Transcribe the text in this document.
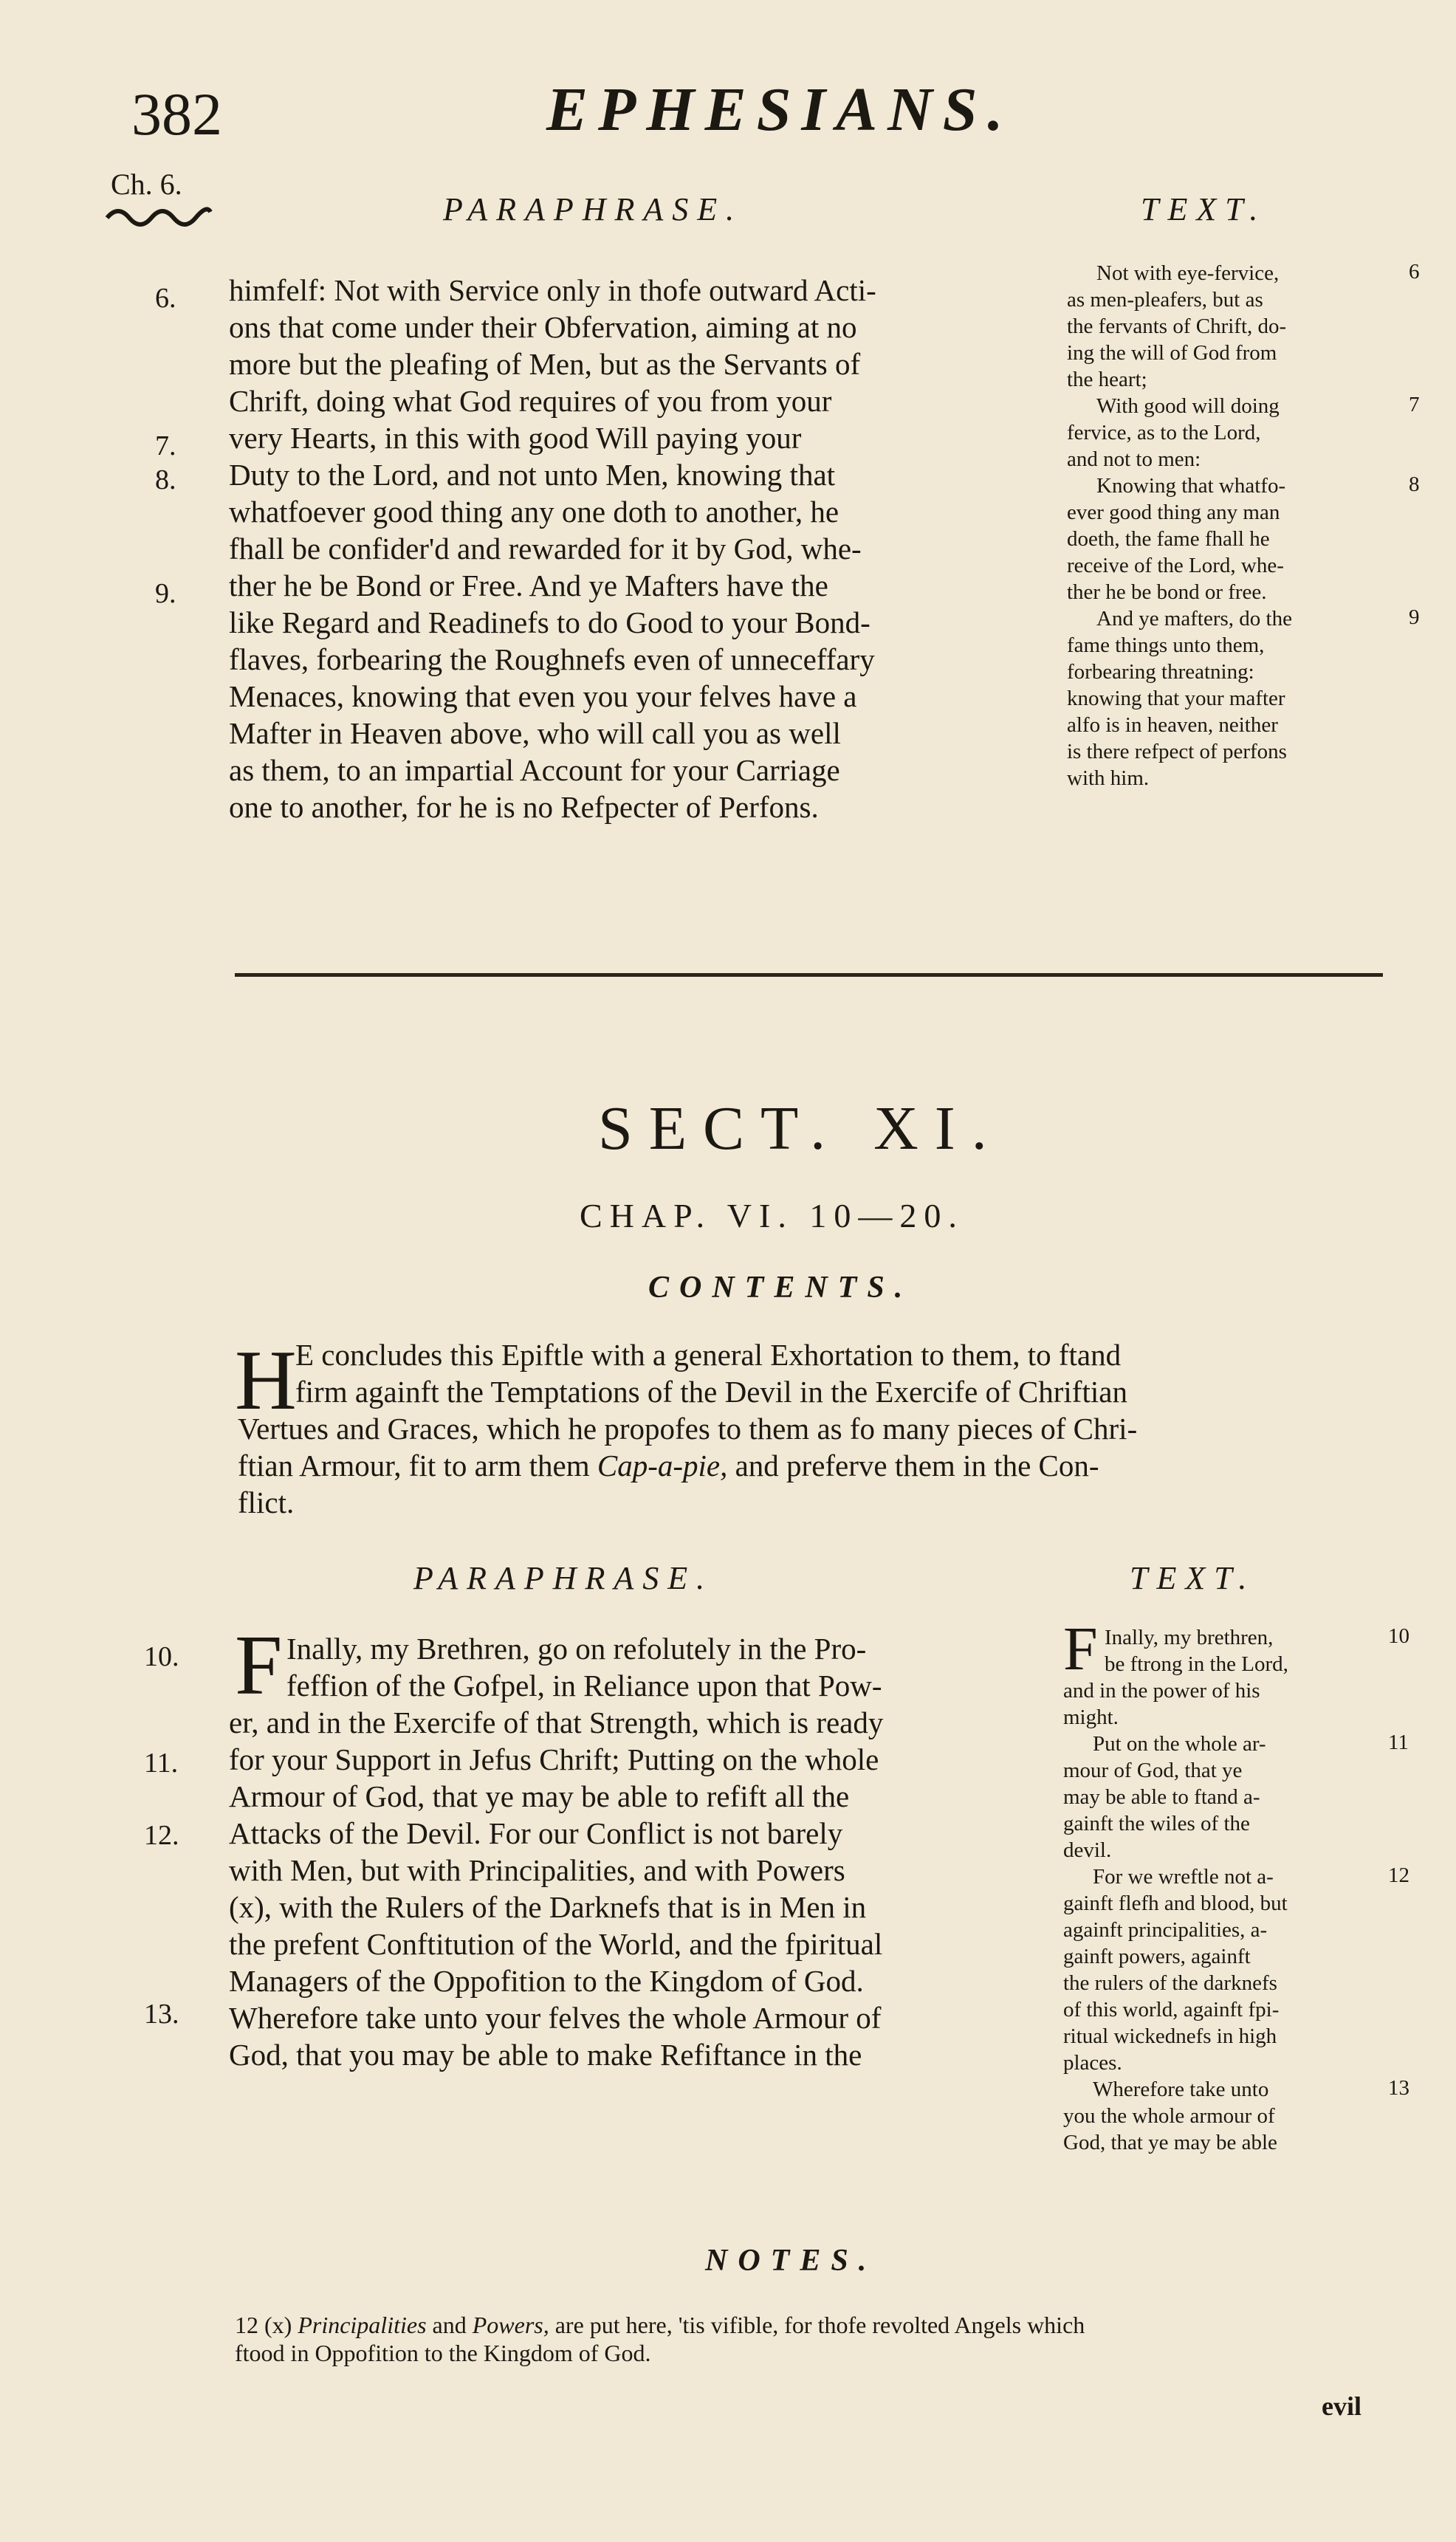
382	EPHESIANS.
Ch. 6.
PARAPHRASE.	TEXT.
6.
7.
8.
9.
himfelf: Not with Service only in thofe outward Acti-
ons that come under their Obfervation, aiming at no
more but the pleafing of Men, but as the Servants of
Chrift, doing what God requires of you from your
very Hearts, in this with good Will paying your
Duty to the Lord, and not unto Men, knowing that
whatfoever good thing any one doth to another, he
fhall be confider'd and rewarded for it by God, whe-
ther he be Bond or Free. And ye Mafters have the
like Regard and Readinefs to do Good to your Bond-
flaves, forbearing the Roughnefs even of unneceffary
Menaces, knowing that even you your felves have a
Mafter in Heaven above, who will call you as well
as them, to an impartial Account for your Carriage
one to another, for he is no Refpecter of Perfons.
Not with eye-fervice,
as men-pleafers, but as
the fervants of Chrift, do-
ing the will of God from
the heart;
With good will doing
fervice, as to the Lord,
and not to men:
Knowing that whatfo-
ever good thing any man
doeth, the fame fhall he
receive of the Lord, whe-
ther he be bond or free.
And ye mafters, do the
fame things unto them,
forbearing threatning:
knowing that your mafter
alfo is in heaven, neither
is there refpect of perfons
with him.
6
7
8
9
SECT. XI.
CHAP. VI. 10—20.
CONTENTS.
H
E concludes this Epiftle with a general Exhortation to them, to ftand
firm againft the Temptations of the Devil in the Exercife of Chriftian
Vertues and Graces, which he propofes to them as fo many pieces of Chri-
ftian Armour, fit to arm them Cap-a-pie, and preferve them in the Con-
flict.
PARAPHRASE.	TEXT.
10.
11.
12.
13.
F Inally, my Brethren, go on refolutely in the Pro-
feffion of the Gofpel, in Reliance upon that Pow-
er, and in the Exercife of that Strength, which is ready
for your Support in Jefus Chrift; Putting on the whole
Armour of God, that ye may be able to refift all the
Attacks of the Devil. For our Conflict is not barely
with Men, but with Principalities, and with Powers
(x), with the Rulers of the Darknefs that is in Men in
the prefent Conftitution of the World, and the fpiritual
Managers of the Oppofition to the Kingdom of God.
Wherefore take unto your felves the whole Armour of
God, that you may be able to make Refiftance in the
F Inally, my brethren,
be ftrong in the Lord,
and in the power of his
might.
Put on the whole ar-
mour of God, that ye
may be able to ftand a-
gainft the wiles of the
devil.
For we wreftle not a-
gainft flefh and blood, but
againft principalities, a-
gainft powers, againft
the rulers of the darknefs
of this world, againft fpi-
ritual wickednefs in high
places.
Wherefore take unto
you the whole armour of
God, that ye may be able
10
11
12
13
NOTES.
12 (x) Principalities and Powers, are put here, 'tis vifible, for thofe revolted Angels which
ftood in Oppofition to the Kingdom of God.
evil
